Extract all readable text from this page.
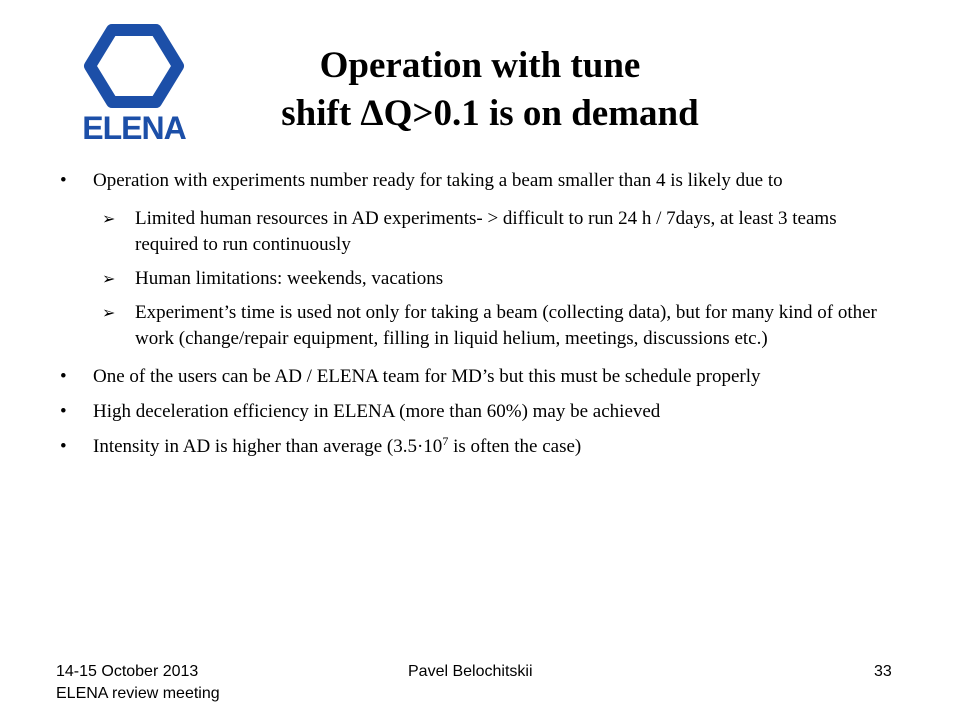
ELENA
Operation with tune
shift ΔQ>0.1 is on demand
• Operation with experiments number ready for taking a beam smaller than 4 is likely due to
➢ Limited human resources in AD experiments- > difficult to run 24 h / 7days, at least 3 teams required to run continuously
➢ Human limitations: weekends, vacations
➢ Experiment’s time is used not only for taking a beam (collecting data), but for many kind of other work (change/repair equipment, filling in liquid helium, meetings, discussions etc.)
• One of the users can be AD / ELENA team for MD’s but this must be schedule properly
• High deceleration efficiency in ELENA (more than 60%) may be achieved
• Intensity in AD is higher than average ($3.5\cdot 10^7$ is often the case)
14-15 October 2013
ELENA review meeting
Pavel Belochitskii	33
